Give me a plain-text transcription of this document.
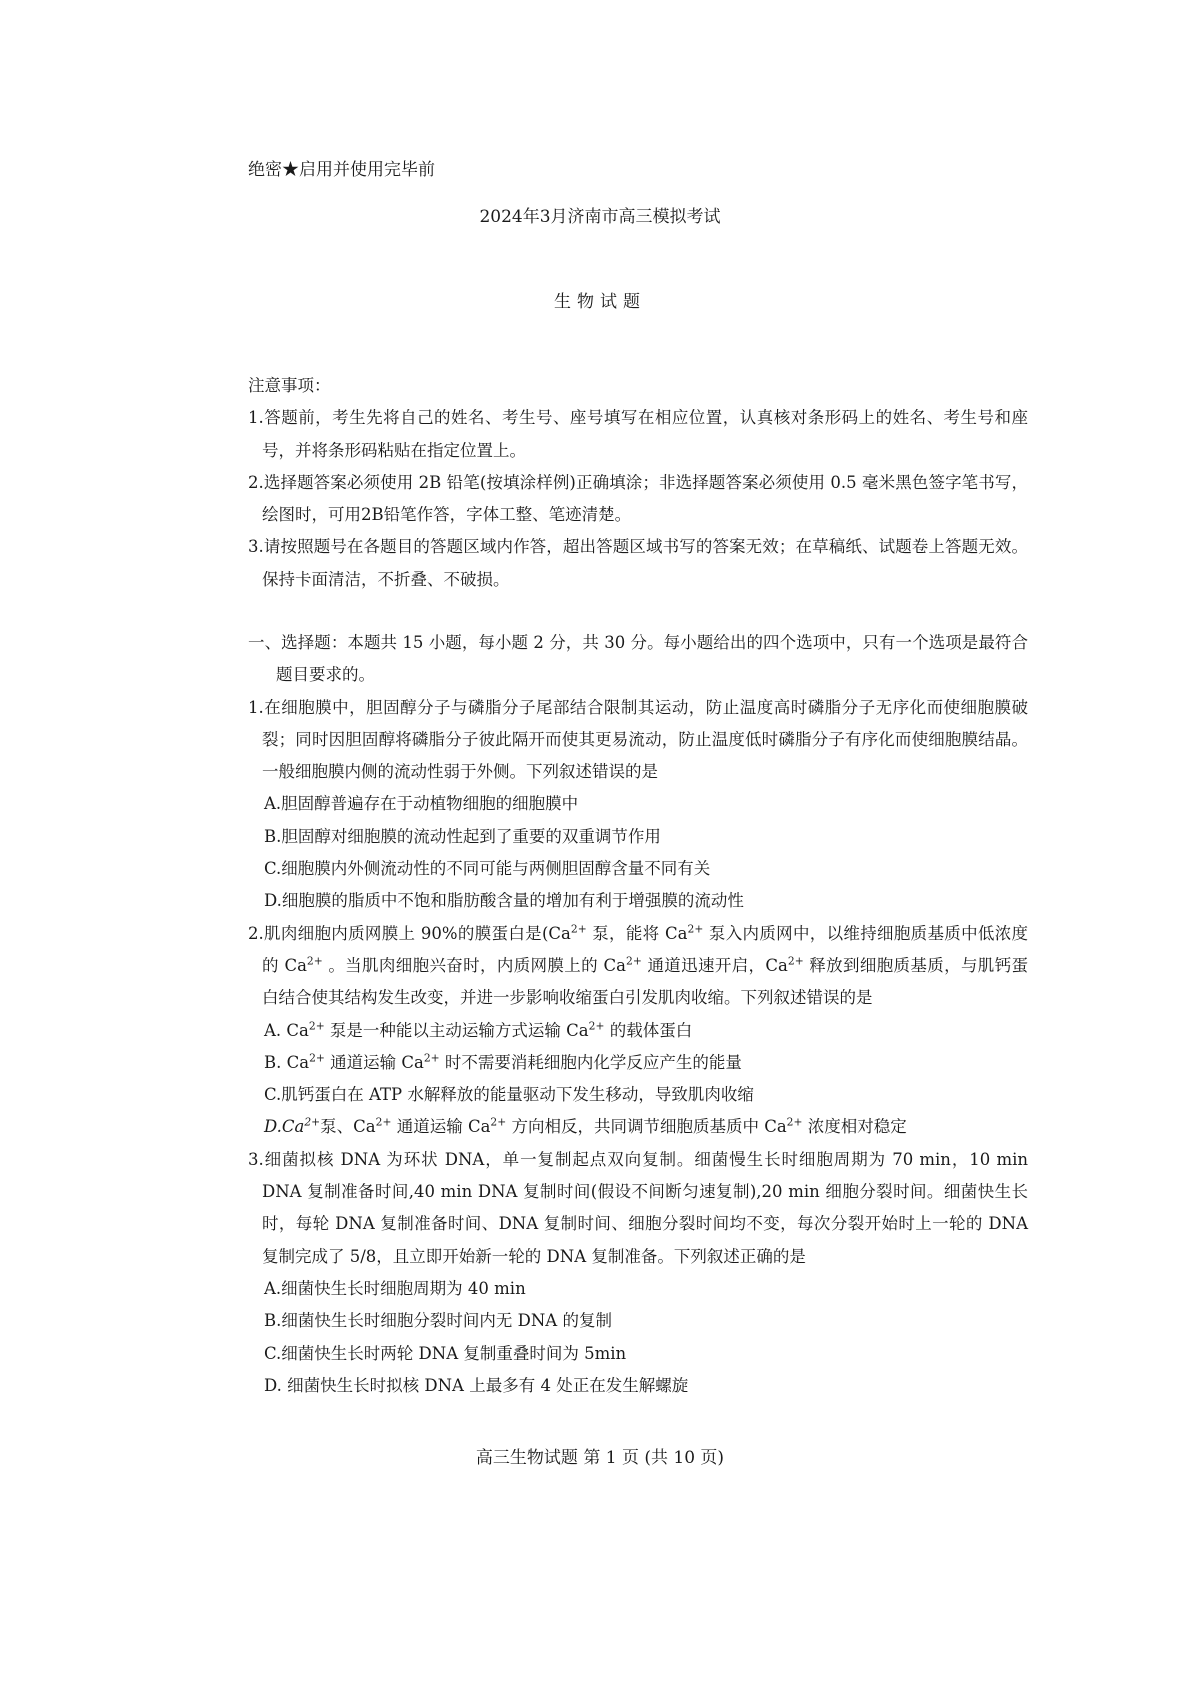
绝密★启用并使用完毕前
2024年3月济南市高三模拟考试
生物试题

注意事项：

1.答题前，考生先将自己的姓名、考生号、座号填写在相应位置，认真核对条形码上的姓名、考生号和座号，并将条形码粘贴在指定位置上。

2.选择题答案必须使用 2B 铅笔(按填涂样例)正确填涂；非选择题答案必须使用 0.5 毫米黑色签字笔书写，绘图时，可用2B铅笔作答，字体工整、笔迹清楚。

3.请按照题号在各题目的答题区域内作答，超出答题区域书写的答案无效；在草稿纸、试题卷上答题无效。保持卡面清洁，不折叠、不破损。

一、选择题：本题共 15 小题，每小题 2 分，共 30 分。每小题给出的四个选项中，只有一个选项是最符合题目要求的。

1.在细胞膜中，胆固醇分子与磷脂分子尾部结合限制其运动，防止温度高时磷脂分子无序化而使细胞膜破裂；同时因胆固醇将磷脂分子彼此隔开而使其更易流动，防止温度低时磷脂分子有序化而使细胞膜结晶。一般细胞膜内侧的流动性弱于外侧。下列叙述错误的是

A.胆固醇普遍存在于动植物细胞的细胞膜中

B.胆固醇对细胞膜的流动性起到了重要的双重调节作用

C.细胞膜内外侧流动性的不同可能与两侧胆固醇含量不同有关

D.细胞膜的脂质中不饱和脂肪酸含量的增加有利于增强膜的流动性

2.肌肉细胞内质网膜上 90%的膜蛋白是($Ca^{2+}$ 泵，能将 $Ca^{2+}$ 泵入内质网中，以维持细胞质基质中低浓度的 $Ca^{2+}$ 。当肌肉细胞兴奋时，内质网膜上的 $Ca^{2+}$ 通道迅速开启，$Ca^{2+}$ 释放到细胞质基质，与肌钙蛋白结合使其结构发生改变，并进一步影响收缩蛋白引发肌肉收缩。下列叙述错误的是

A. $Ca^{2+}$ 泵是一种能以主动运输方式运输 $Ca^{2+}$ 的载体蛋白

B. $Ca^{2+}$ 通道运输 $Ca^{2+}$ 时不需要消耗细胞内化学反应产生的能量

C.肌钙蛋白在 ATP 水解释放的能量驱动下发生移动，导致肌肉收缩

$D.Ca^{2+}$泵、$Ca^{2+}$ 通道运输 $Ca^{2+}$ 方向相反，共同调节细胞质基质中 $Ca^{2+}$ 浓度相对稳定

3.细菌拟核 DNA 为环状 DNA，单一复制起点双向复制。细菌慢生长时细胞周期为 70 min，10 min DNA 复制准备时间,40 min DNA 复制时间(假设不间断匀速复制),20 min 细胞分裂时间。细菌快生长时，每轮 DNA 复制准备时间、DNA 复制时间、细胞分裂时间均不变，每次分裂开始时上一轮的 DNA 复制完成了 5/8，且立即开始新一轮的 DNA 复制准备。下列叙述正确的是

A.细菌快生长时细胞周期为 40 min

B.细菌快生长时细胞分裂时间内无 DNA 的复制

C.细菌快生长时两轮 DNA 复制重叠时间为 5min

D. 细菌快生长时拟核 DNA 上最多有 4 处正在发生解螺旋

高三生物试题 第 1 页 (共 10 页)
